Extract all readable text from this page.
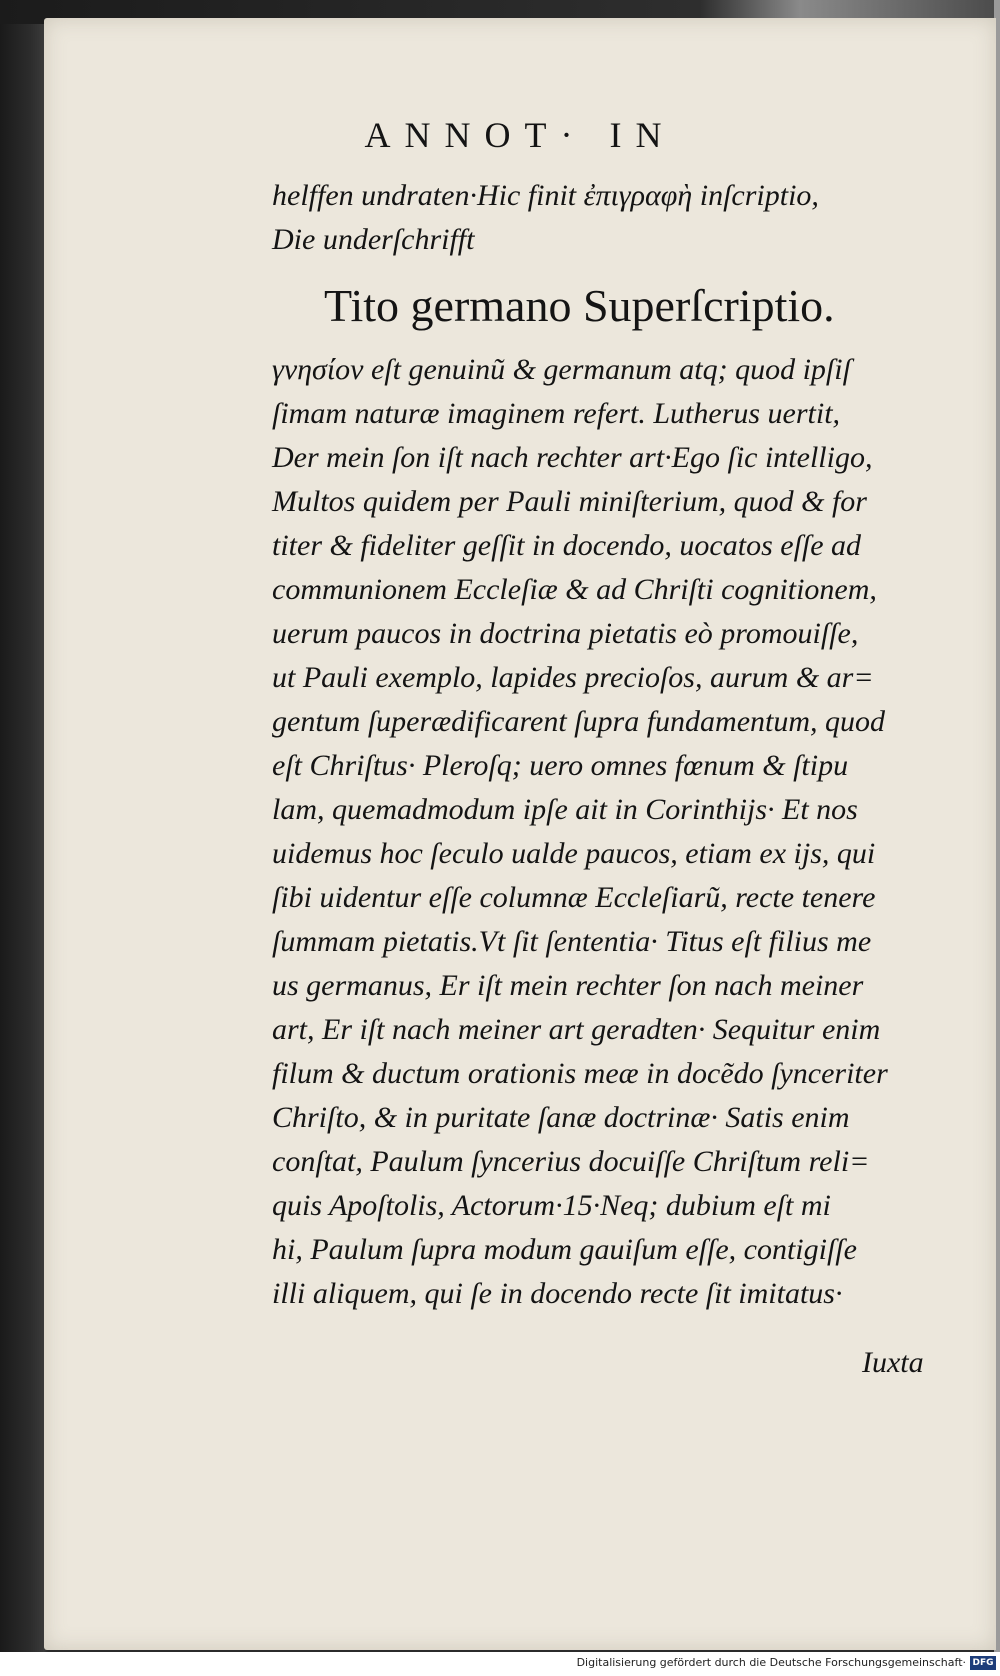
ANNOT· IN
helffen undraten·Hic finit ἐπιγραφὴ inſcriptio,
Die underſchrifft
Tito germano Superſcriptio.
γνησίον eſt genuinũ & germanum atq; quod ipſiſ
ſimam naturæ imaginem refert. Lutherus uertit,
Der mein ſon iſt nach rechter art·Ego ſic intelligo,
Multos quidem per Pauli miniſterium, quod & for
titer & fideliter geſſit in docendo, uocatos eſſe ad
communionem Eccleſiæ & ad Chriſti cognitionem,
uerum paucos in doctrina pietatis eò promouiſſe,
ut Pauli exemplo, lapides precioſos, aurum & ar=
gentum ſuperædificarent ſupra fundamentum, quod
eſt Chriſtus· Pleroſq; uero omnes fœnum & ſtipu
lam, quemadmodum ipſe ait in Corinthijs· Et nos
uidemus hoc ſeculo ualde paucos, etiam ex ijs, qui
ſibi uidentur eſſe columnæ Eccleſiarũ, recte tenere
ſummam pietatis.Vt ſit ſententia· Titus eſt filius me
us germanus, Er iſt mein rechter ſon nach meiner
art, Er iſt nach meiner art geradten· Sequitur enim
filum & ductum orationis meæ in docẽdo ſynceriter
Chriſto, & in puritate ſanæ doctrinæ· Satis enim
conſtat, Paulum ſyncerius docuiſſe Chriſtum reli=
quis Apoſtolis, Actorum·15·Neq; dubium eſt mi
hi, Paulum ſupra modum gauiſum eſſe, contigiſſe
illi aliquem, qui ſe in docendo recte ſit imitatus·
Iuxta
Digitalisierung gefördert durch die Deutsche Forschungsgemeinschaft· DFG
